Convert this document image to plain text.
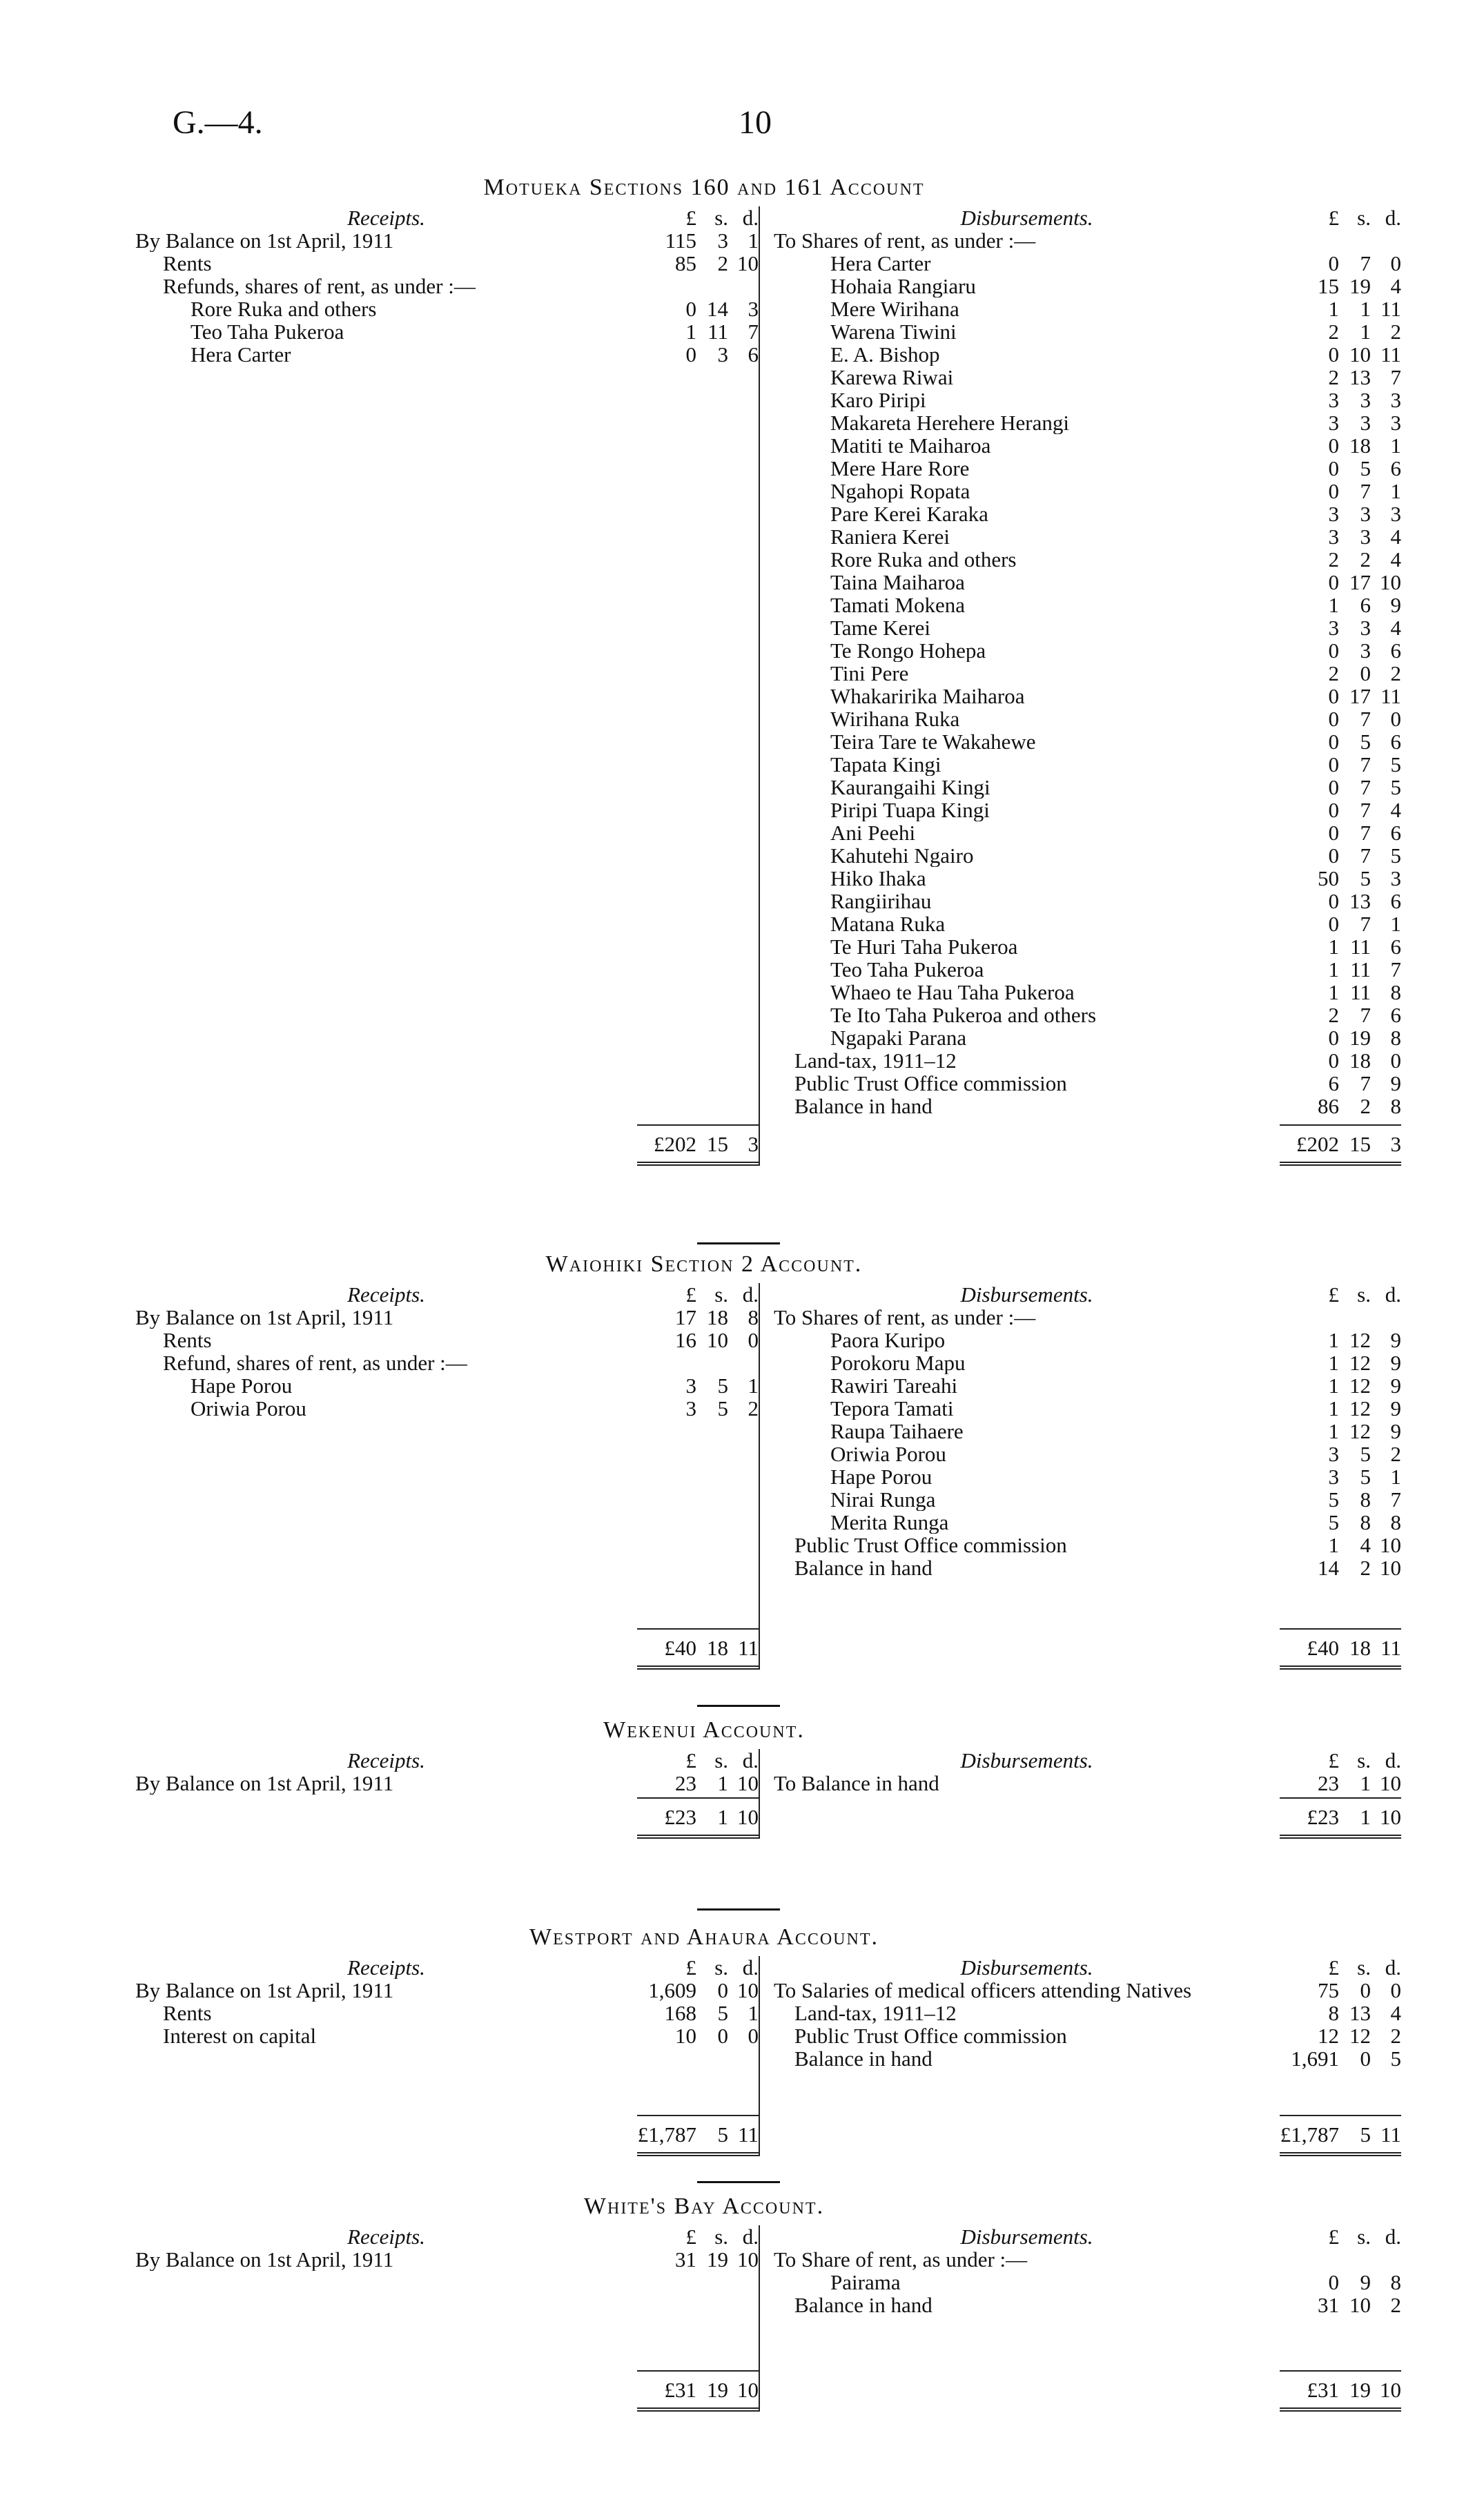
G.—4.	10
Motueka Sections 160 and 161 Account
Receipts.	£ s. d.
By Balance on 1st April, 1911	115 3 1
Rents	85 2 10
Refunds, shares of rent, as under :—
Rore Ruka and others	0 14 3
Teo Taha Pukeroa	1 11 7
Hera Carter	0 3 6
£202 15 3
Disbursements.	£ s. d.
To Shares of rent, as under :—
Hera Carter	0 7 0
Hohaia Rangiaru	15 19 4
Mere Wirihana	1 1 11
Warena Tiwini	2 1 2
E. A. Bishop	0 10 11
Karewa Riwai	2 13 7
Karo Piripi	3 3 3
Makareta Herehere Herangi	3 3 3
Matiti te Maiharoa	0 18 1
Mere Hare Rore	0 5 6
Ngahopi Ropata	0 7 1
Pare Kerei Karaka	3 3 3
Raniera Kerei	3 3 4
Rore Ruka and others	2 2 4
Taina Maiharoa	0 17 10
Tamati Mokena	1 6 9
Tame Kerei	3 3 4
Te Rongo Hohepa	0 3 6
Tini Pere	2 0 2
Whakaririka Maiharoa	0 17 11
Wirihana Ruka	0 7 0
Teira Tare te Wakahewe	0 5 6
Tapata Kingi	0 7 5
Kaurangaihi Kingi	0 7 5
Piripi Tuapa Kingi	0 7 4
Ani Peehi	0 7 6
Kahutehi Ngairo	0 7 5
Hiko Ihaka	50 5 3
Rangiirihau	0 13 6
Matana Ruka	0 7 1
Te Huri Taha Pukeroa	1 11 6
Teo Taha Pukeroa	1 11 7
Whaeo te Hau Taha Pukeroa	1 11 8
Te Ito Taha Pukeroa and others	2 7 6
Ngapaki Parana	0 19 8
Land-tax, 1911–12	0 18 0
Public Trust Office commission	6 7 9
Balance in hand	86 2 8
£202 15 3
Waiohiki Section 2 Account.
Receipts.	£ s. d.
By Balance on 1st April, 1911	17 18 8
Rents	16 10 0
Refund, shares of rent, as under :—
Hape Porou	3 5 1
Oriwia Porou	3 5 2
£40 18 11
Disbursements.	£ s. d.
To Shares of rent, as under :—
Paora Kuripo	1 12 9
Porokoru Mapu	1 12 9
Rawiri Tareahi	1 12 9
Tepora Tamati	1 12 9
Raupa Taihaere	1 12 9
Oriwia Porou	3 5 2
Hape Porou	3 5 1
Nirai Runga	5 8 7
Merita Runga	5 8 8
Public Trust Office commission	1 4 10
Balance in hand	14 2 10
£40 18 11
Wekenui Account.
Receipts.	£ s. d.
By Balance on 1st April, 1911	23 1 10
£23 1 10
Disbursements.	£ s. d.
To Balance in hand	23 1 10
£23 1 10
Westport and Ahaura Account.
Receipts.	£ s. d.
By Balance on 1st April, 1911	1,609 0 10
Rents	168 5 1
Interest on capital	10 0 0
£1,787 5 11
Disbursements.	£ s. d.
To Salaries of medical officers attending Natives	75 0 0
Land-tax, 1911–12	8 13 4
Public Trust Office commission	12 12 2
Balance in hand	1,691 0 5
£1,787 5 11
White's Bay Account.
Receipts.	£ s. d.
By Balance on 1st April, 1911	31 19 10
£31 19 10
Disbursements.	£ s. d.
To Share of rent, as under :—
Pairama	0 9 8
Balance in hand	31 10 2
£31 19 10
